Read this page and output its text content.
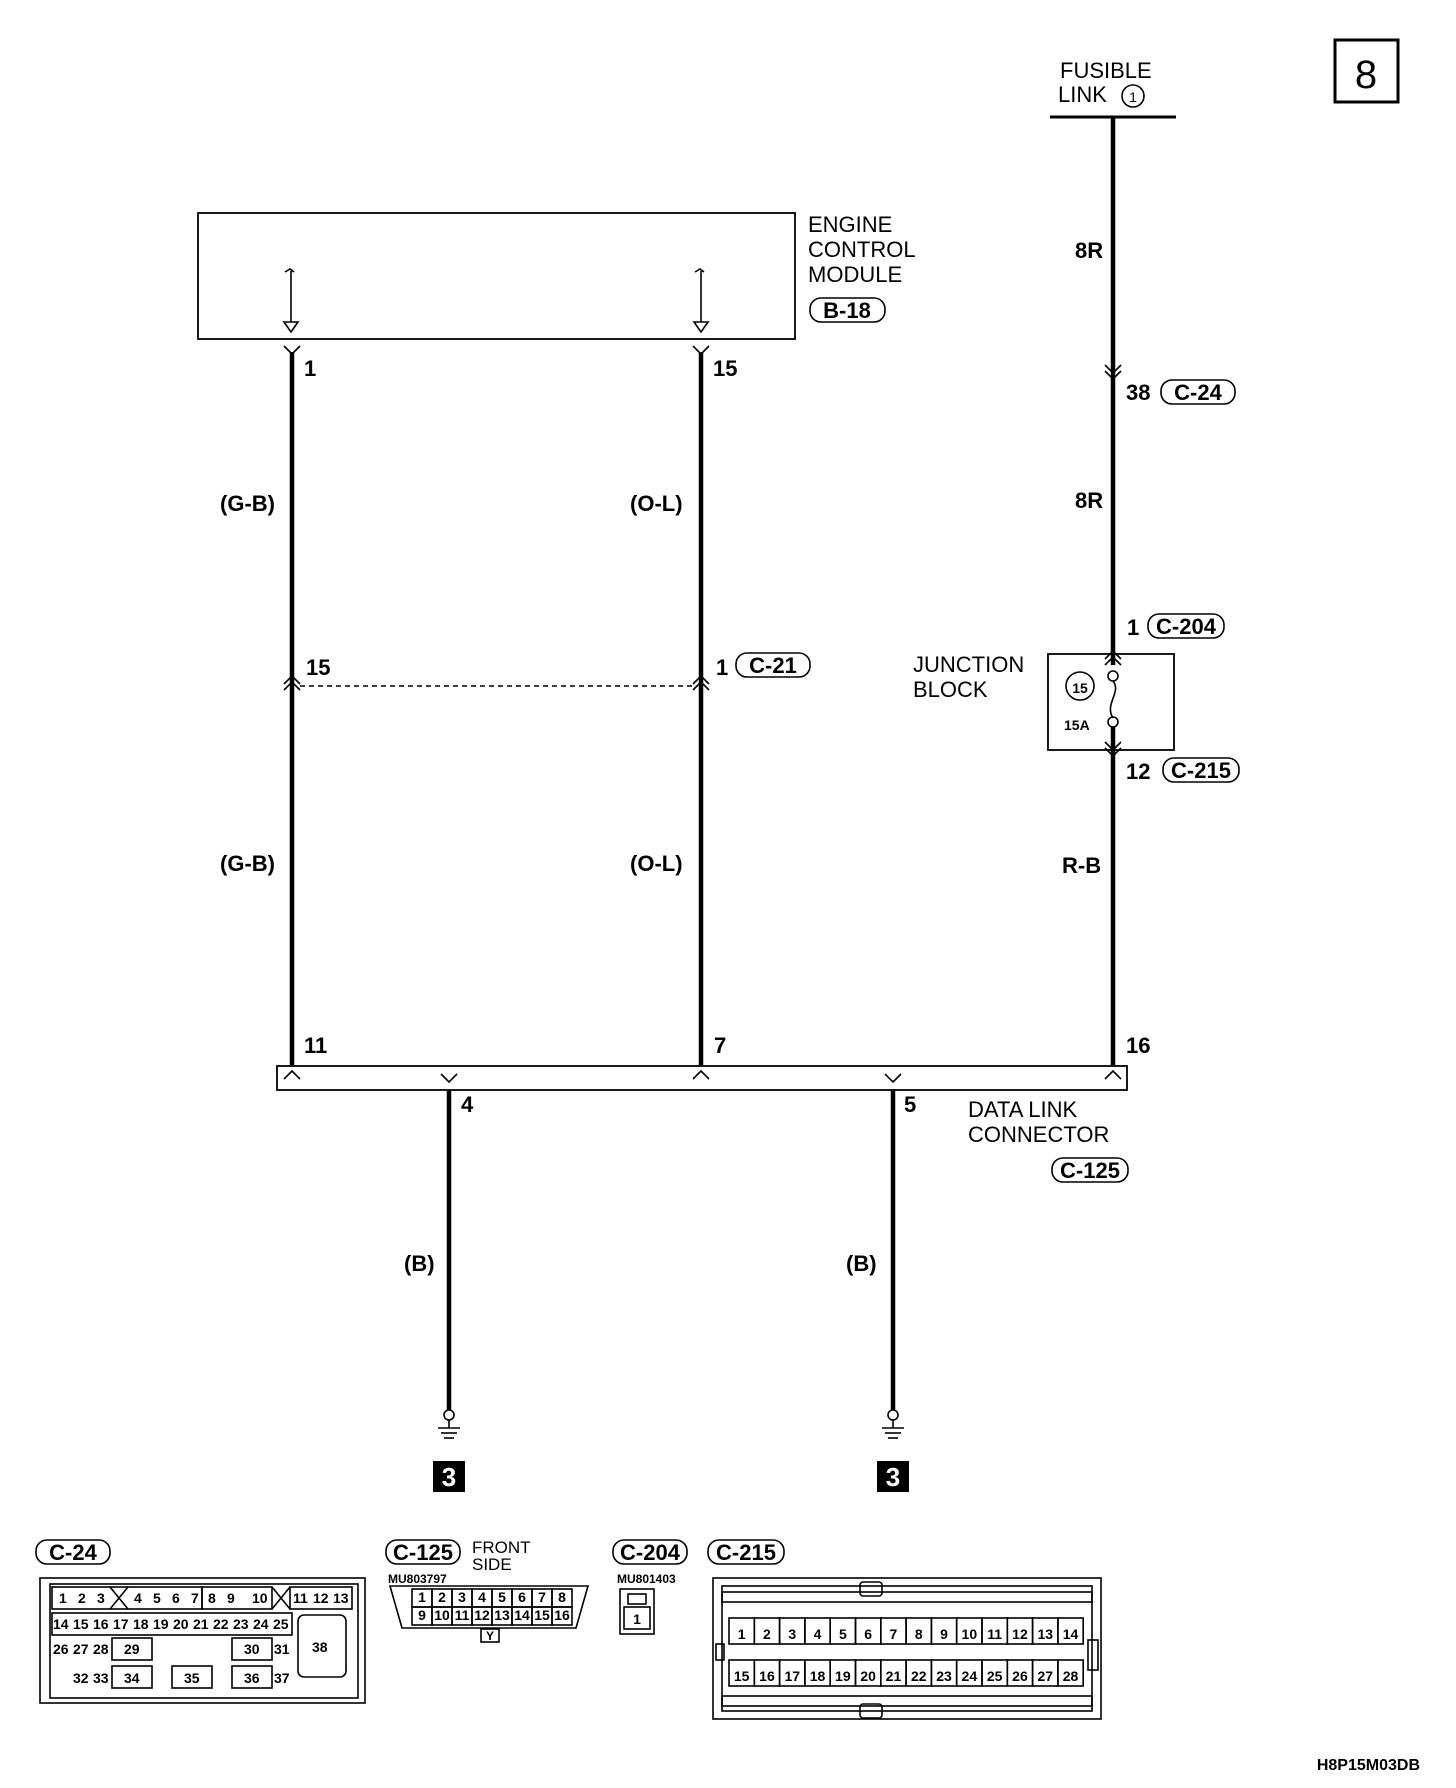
8
FUSIBLE
LINK 1
ENGINE
CONTROL
MODULE
B-18
1	15
(G-B)	(O-L)
(G-B)	(O-L)
8R
8R
R-B
(B)	(B)
38 C-24
15	1 C-21
1 C-204
JUNCTION
BLOCK	15
15A
12 C-215
11	7	16
4	5 DATA LINK
CONNECTOR
C-125
3	3
C-24
1 2 3 4 5 6 7 8 9 10 11 12 13
14 15 16 17 18 19 20 21 22 23 24 25
26 27 28 29	30 31 38
32 33 34	35	36 37
C-125 FRONT
SIDE
MU803797
1 2 3 4 5 6 7 8
9 10 11 12 13 14 15 16
Y
C-204
MU801403
1
C-215
1 2 3 4 5 6 7 8 9 10 11 12 13 14
15 16 17 18 19 20 21 22 23 24 25 26 27 28
H8P15M03DB
